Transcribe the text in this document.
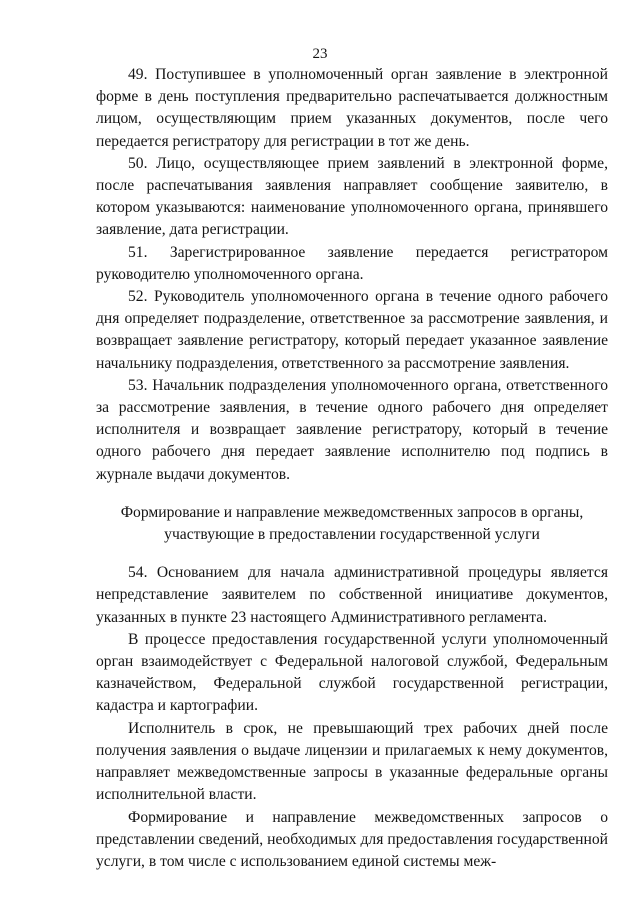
23

49. Поступившее в уполномоченный орган заявление в электронной форме в день поступления предварительно распечатывается должностным лицом, осуществляющим прием указанных документов, после чего передается регистратору для регистрации в тот же день.

50. Лицо, осуществляющее прием заявлений в электронной форме, после распечатывания заявления направляет сообщение заявителю, в котором указываются: наименование уполномоченного органа, принявшего заявление, дата регистрации.

51. Зарегистрированное заявление передается регистратором руководителю уполномоченного органа.

52. Руководитель уполномоченного органа в течение одного рабочего дня определяет подразделение, ответственное за рассмотрение заявления, и возвращает заявление регистратору, который передает указанное заявление начальнику подразделения, ответственного за рассмотрение заявления.

53. Начальник подразделения уполномоченного органа, ответственного за рассмотрение заявления, в течение одного рабочего дня определяет исполнителя и возвращает заявление регистратору, который в течение одного рабочего дня передает заявление исполнителю под подпись в журнале выдачи документов.

Формирование и направление межведомственных запросов в органы,
участвующие в предоставлении государственной услуги

54. Основанием для начала административной процедуры является непредставление заявителем по собственной инициативе документов, указанных в пункте 23 настоящего Административного регламента.

В процессе предоставления государственной услуги уполномоченный орган взаимодействует с Федеральной налоговой службой, Федеральным казначейством, Федеральной службой государственной регистрации, кадастра и картографии.

Исполнитель в срок, не превышающий трех рабочих дней после получения заявления о выдаче лицензии и прилагаемых к нему документов, направляет межведомственные запросы в указанные федеральные органы исполнительной власти.

Формирование и направление межведомственных запросов о представлении сведений, необходимых для предоставления государственной услуги, в том числе с использованием единой системы меж-
